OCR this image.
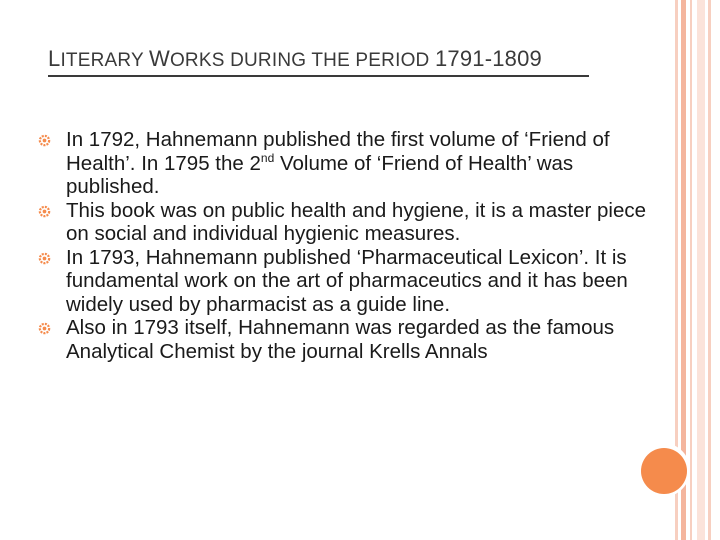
LITERARY WORKS DURING THE PERIOD 1791-1809
In 1792, Hahnemann published the first volume of ‘Friend of Health’. In 1795 the 2nd Volume of ‘Friend of Health’ was published.
This book was on public health and hygiene, it is a master piece on social and individual hygienic measures.
In 1793, Hahnemann published ‘Pharmaceutical Lexicon’. It is fundamental work on the art of pharmaceutics and it has been widely used by pharmacist as a guide line.
Also in 1793 itself, Hahnemann was regarded as the famous Analytical Chemist by the journal Krells Annals
